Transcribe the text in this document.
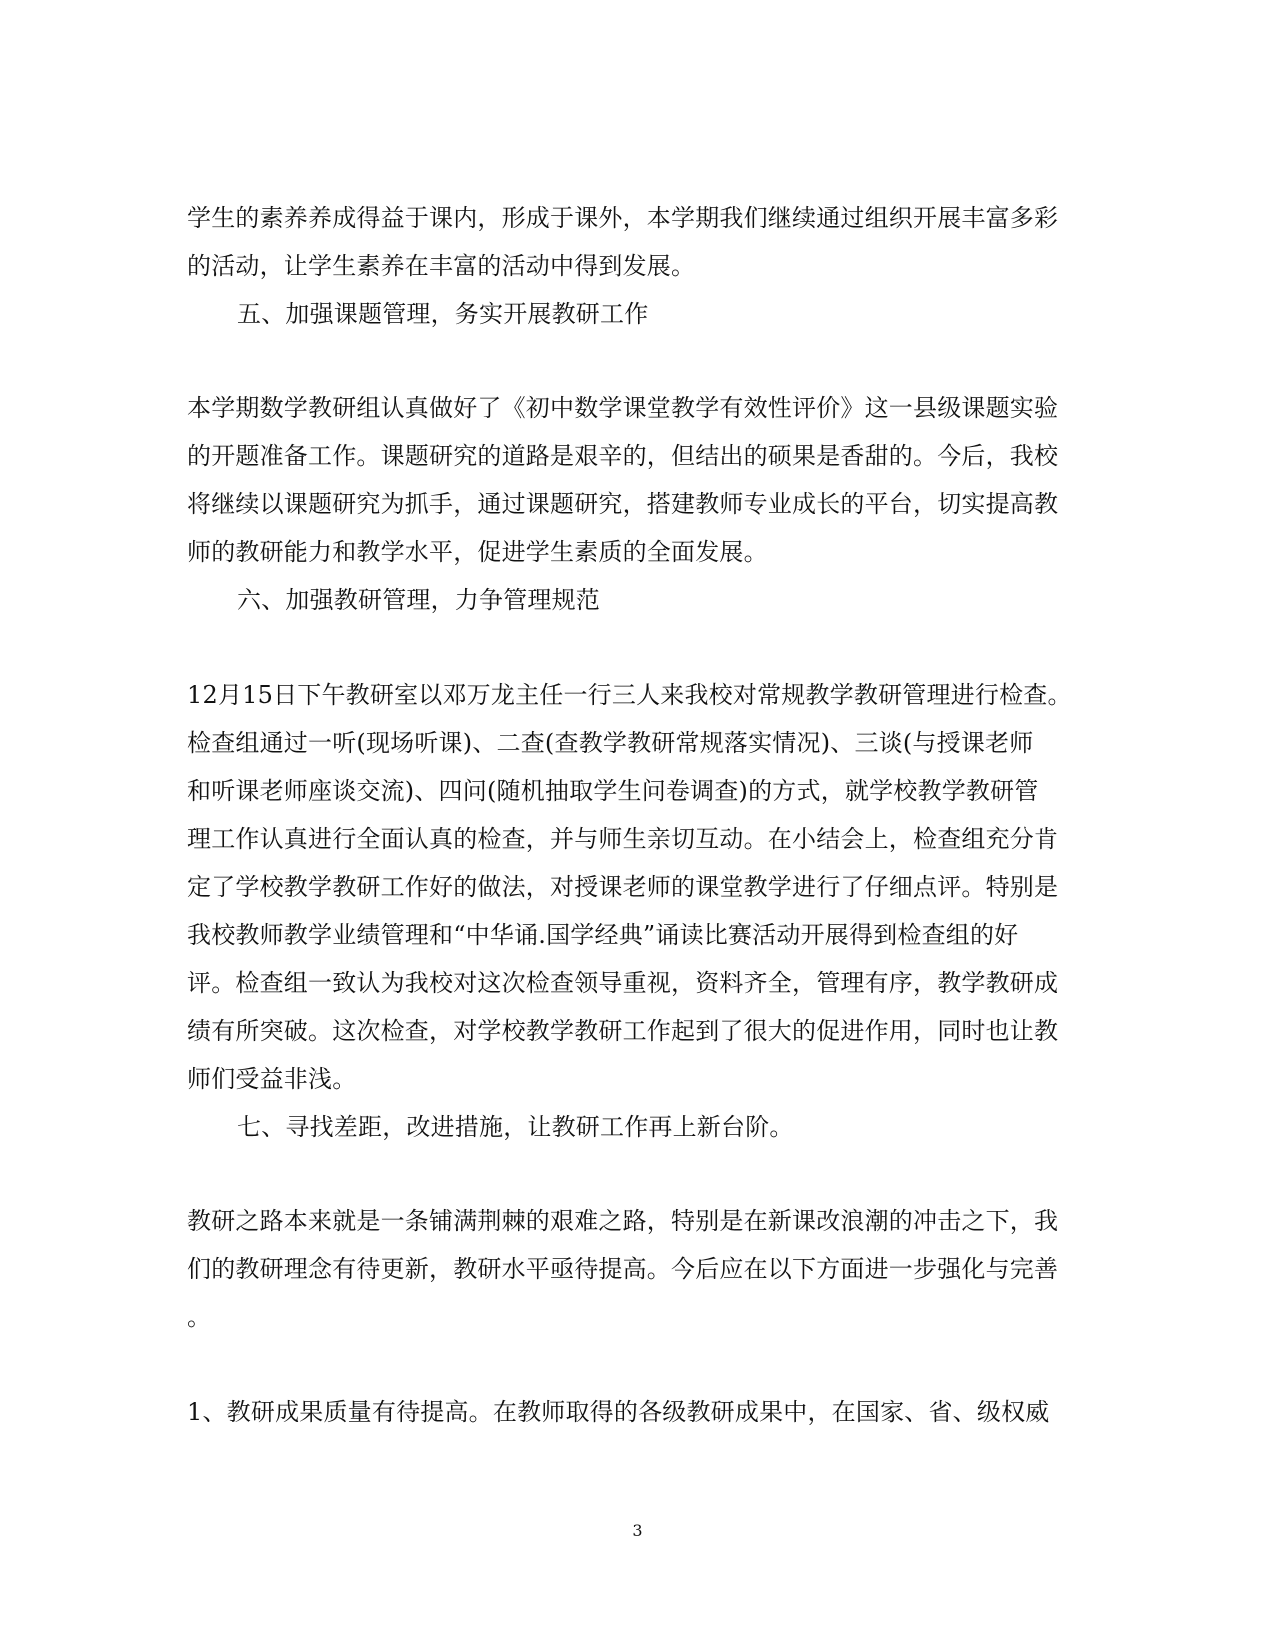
学生的素养养成得益于课内，形成于课外，本学期我们继续通过组织开展丰富多彩
的活动，让学生素养在丰富的活动中得到发展。
五、加强课题管理，务实开展教研工作
本学期数学教研组认真做好了《初中数学课堂教学有效性评价》这一县级课题实验
的开题准备工作。课题研究的道路是艰辛的，但结出的硕果是香甜的。今后，我校
将继续以课题研究为抓手，通过课题研究，搭建教师专业成长的平台，切实提高教
师的教研能力和教学水平，促进学生素质的全面发展。
六、加强教研管理，力争管理规范
12月15日下午教研室以邓万龙主任一行三人来我校对常规教学教研管理进行检查。
检查组通过一听(现场听课)、二查(查教学教研常规落实情况)、三谈(与授课老师
和听课老师座谈交流)、四问(随机抽取学生问卷调查)的方式，就学校教学教研管
理工作认真进行全面认真的检查，并与师生亲切互动。在小结会上，检查组充分肯
定了学校教学教研工作好的做法，对授课老师的课堂教学进行了仔细点评。特别是
我校教师教学业绩管理和“中华诵.国学经典”诵读比赛活动开展得到检查组的好
评。检查组一致认为我校对这次检查领导重视，资料齐全，管理有序，教学教研成
绩有所突破。这次检查，对学校教学教研工作起到了很大的促进作用，同时也让教
师们受益非浅。
七、寻找差距，改进措施，让教研工作再上新台阶。
教研之路本来就是一条铺满荆棘的艰难之路，特别是在新课改浪潮的冲击之下，我
们的教研理念有待更新，教研水平亟待提高。今后应在以下方面进一步强化与完善
。
1、教研成果质量有待提高。在教师取得的各级教研成果中，在国家、省、级权威
3
